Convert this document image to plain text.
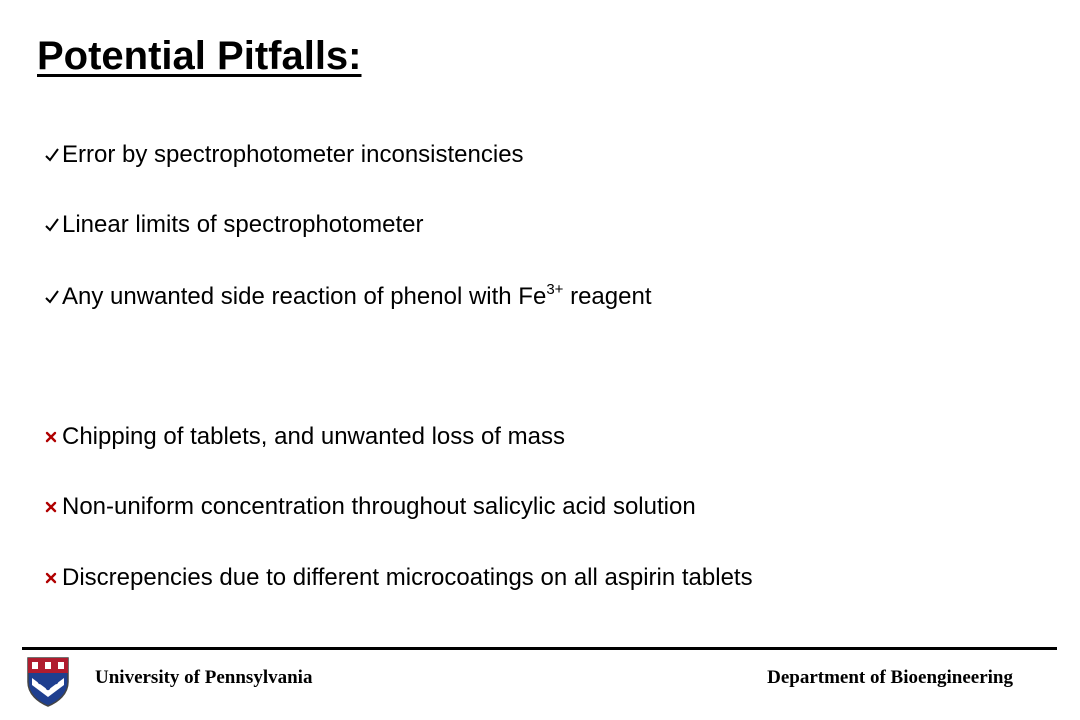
Potential Pitfalls:
Error by spectrophotometer inconsistencies
Linear limits of spectrophotometer
Any unwanted side reaction of phenol with $Fe^{3+}$ reagent
Chipping of tablets, and unwanted loss of mass
Non-uniform concentration throughout salicylic acid solution
Discrepencies due to different microcoatings on all aspirin tablets
University of Pennsylvania	Department of Bioengineering
